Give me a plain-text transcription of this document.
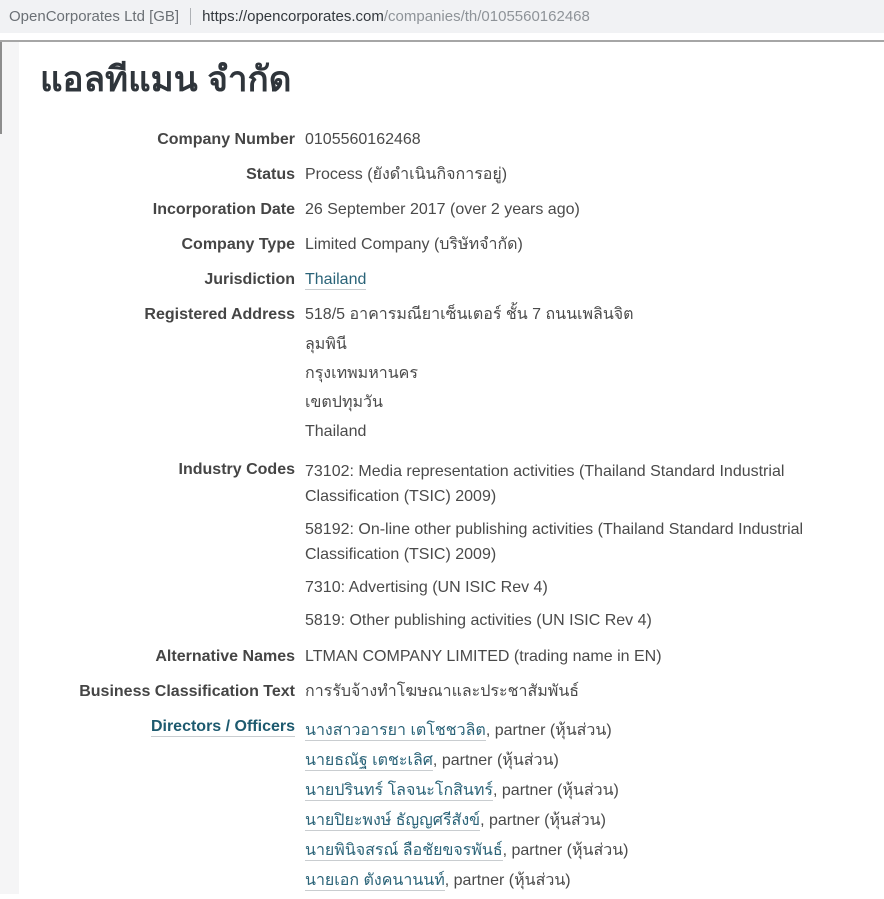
OpenCorporates Ltd [GB] https://opencorporates.com/companies/th/0105560162468
แอลทีแมน จำกัด
Company Number 0105560162468
Status Process (ยังดำเนินกิจการอยู่)
Incorporation Date 26 September 2017 (over 2 years ago)
Company Type Limited Company (บริษัทจำกัด)
Jurisdiction Thailand
Registered Address 518/5 อาคารมณียาเซ็นเตอร์ ชั้น 7 ถนนเพลินจิต
ลุมพินี
กรุงเทพมหานคร
เขตปทุมวัน
Thailand
Industry Codes 73102: Media representation activities (Thailand Standard Industrial Classification (TSIC) 2009)
58192: On-line other publishing activities (Thailand Standard Industrial Classification (TSIC) 2009)
7310: Advertising (UN ISIC Rev 4)
5819: Other publishing activities (UN ISIC Rev 4)
Alternative Names LTMAN COMPANY LIMITED (trading name in EN)
Business Classification Text การรับจ้างทำโฆษณาและประชาสัมพันธ์
Directors / Officers นางสาวอารยา เตโชชวลิต, partner (หุ้นส่วน)
นายธณัฐ เตชะเลิศ, partner (หุ้นส่วน)
นายปรินทร์ โลจนะโกสินทร์, partner (หุ้นส่วน)
นายปิยะพงษ์ ธัญญศรีสังข์, partner (หุ้นส่วน)
นายพินิจสรณ์ ลือชัยขจรพันธ์, partner (หุ้นส่วน)
นายเอก ตังคนานนท์, partner (หุ้นส่วน)
